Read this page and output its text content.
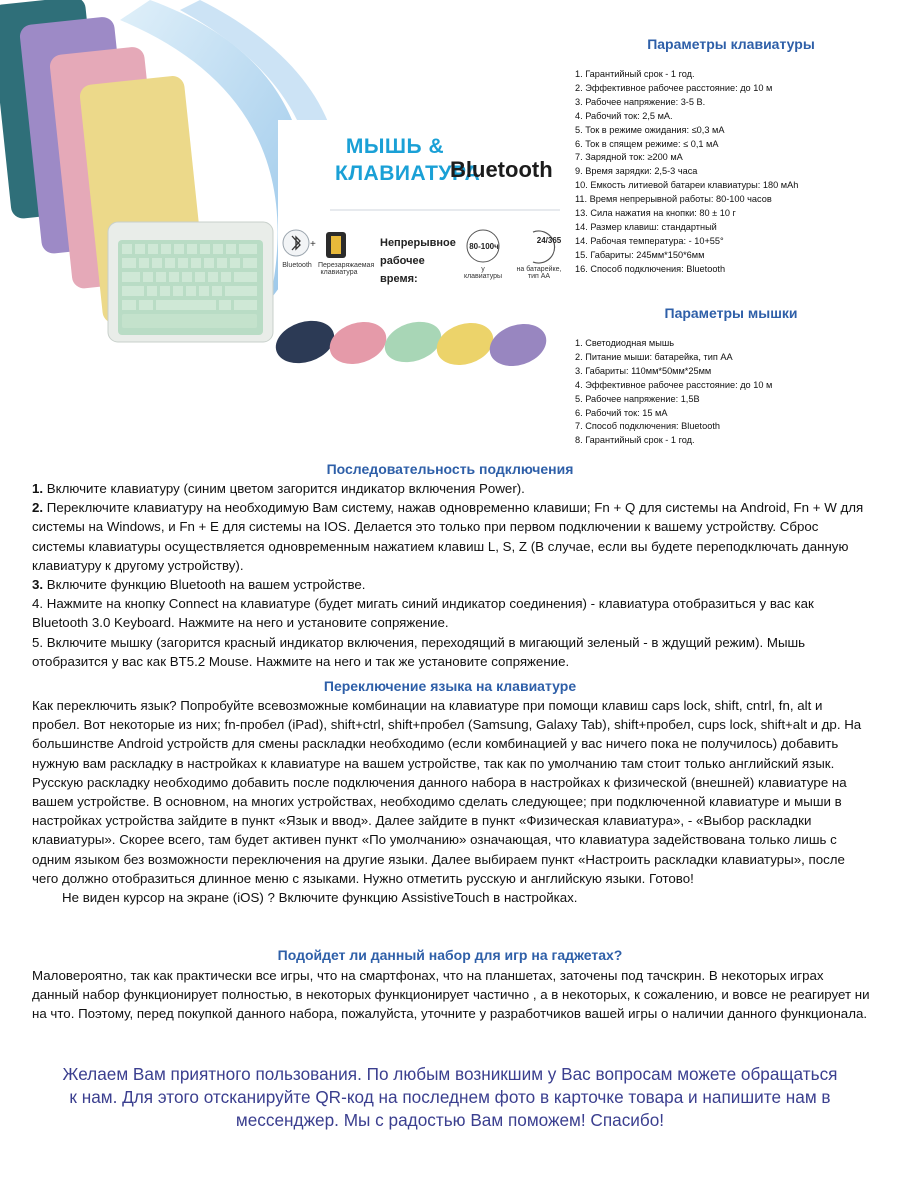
+
МЫШЬ &
КЛАВИАТУРА
Bluetooth
Непрерывное рабочее время:
80-100ч
24/365
Bluetooth Перезаряжаемая клавиатура	у клавиатуры
на батарейке, тип АА
Параметры клавиатуры
1. Гарантийный срок - 1 год.
2. Эффективное рабочее расстояние: до 10 м
3. Рабочее напряжение: 3-5 В.
4. Рабочий ток: 2,5 мА.
5. Ток в режиме ожидания: ≤0,3 мА
6. Ток в спящем режиме: ≤ 0,1 мА
7. Зарядной ток: ≥200 мА
9. Время зарядки: 2,5-3 часа
10. Емкость литиевой батареи клавиатуры: 180 мАh
11. Время непрерывной работы: 80-100 часов
13. Сила нажатия на кнопки: 80 ± 10 г
14. Размер клавиш: стандартный
14. Рабочая температура: - 10+55°
15. Габариты: 245мм*150*6мм
16. Способ подключения: Bluetooth
Параметры мышки
1. Светодиодная мышь
2. Питание мыши: батарейка, тип АА
3. Габариты: 110мм*50мм*25мм
4. Эффективное рабочее расстояние: до 10 м
5. Рабочее напряжение: 1,5В
6. Рабочий ток: 15 мА
7. Способ подключения: Bluetooth
8. Гарантийный срок - 1 год.
Последовательность подключения

1. Включите клавиатуру (синим цветом загорится индикатор включения Power).

2. Переключите клавиатуру на необходимую Вам систему, нажав одновременно клавиши; Fn + Q для системы на Android, Fn + W для системы на Windows, и Fn + E для системы на IOS. Делается это только при первом подключении к вашему устройству. Сброс системы клавиатуры осуществляется одновременным нажатием клавиш L, S, Z (В случае, если вы будете переподключать данную клавиатуру к другому устройству).

3. Включите функцию Bluetooth на вашем устройстве.

4. Нажмите на кнопку Connect на клавиатуре (будет мигать синий индикатор соединения) - клавиатура отобразиться у вас как Bluetooth 3.0 Keyboard. Нажмите на него и установите сопряжение.

5. Включите мышку (загорится красный индикатор включения, переходящий в мигающий зеленый - в ждущий режим). Мышь отобразится у вас как BT5.2 Mouse. Нажмите на него и так же установите сопряжение.

Переключение языка на клавиатуре

Как переключить язык? Попробуйте всевозможные комбинации на клавиатуре при помощи клавиш caps lock, shift, cntrl, fn, alt и пробел. Вот некоторые из них; fn-пробел (iPad), shift+ctrl, shift+пробел (Samsung, Galaxy Tab), shift+пробел, cups lock, shift+alt и др. На большинстве Android устройств для смены раскладки необходимо (если комбинацией у вас ничего пока не получилось) добавить нужную вам раскладку в настройках к клавиатуре на вашем устройстве, так как по умолчанию там стоит только английский язык. Русскую раскладку необходимо добавить после подключения данного набора в настройках к физической (внешней) клавиатуре на вашем устройстве. В основном, на многих устройствах, необходимо сделать следующее; при подключенной клавиатуре и мыши в настройках устройства зайдите в пункт «Язык и ввод». Далее зайдите в пункт «Физическая клавиатура», - «Выбор раскладки клавиатуры». Скорее всего, там будет активен пункт «По умолчанию» означающая, что клавиатура задействована только лишь с одним языком без возможности переключения на другие языки. Далее выбираем пункт «Настроить раскладки клавиатуры», после чего должно отобразиться длинное меню с языками. Нужно отметить русскую и английскую языки. Готово!

Не виден курсор на экране (iOS) ? Включите функцию AssistiveTouch в настройках.

Подойдет ли данный набор для игр на гаджетах?

Маловероятно, так как практически все игры, что на смартфонах, что на планшетах, заточены под тачскрин. В некоторых играх данный набор функционирует полностью, в некоторых функционирует частично , а в некоторых, к сожалению, и вовсе не реагирует ни на что. Поэтому, перед покупкой данного набора, пожалуйста, уточните у разработчиков вашей игры о наличии данного функционала.

Желаем Вам приятного пользования. По любым возникшим у Вас вопросам можете обращаться к нам. Для этого отсканируйте QR-код на последнем фото в карточке товара и напишите нам в мессенджер. Мы с радостью Вам поможем! Спасибо!
